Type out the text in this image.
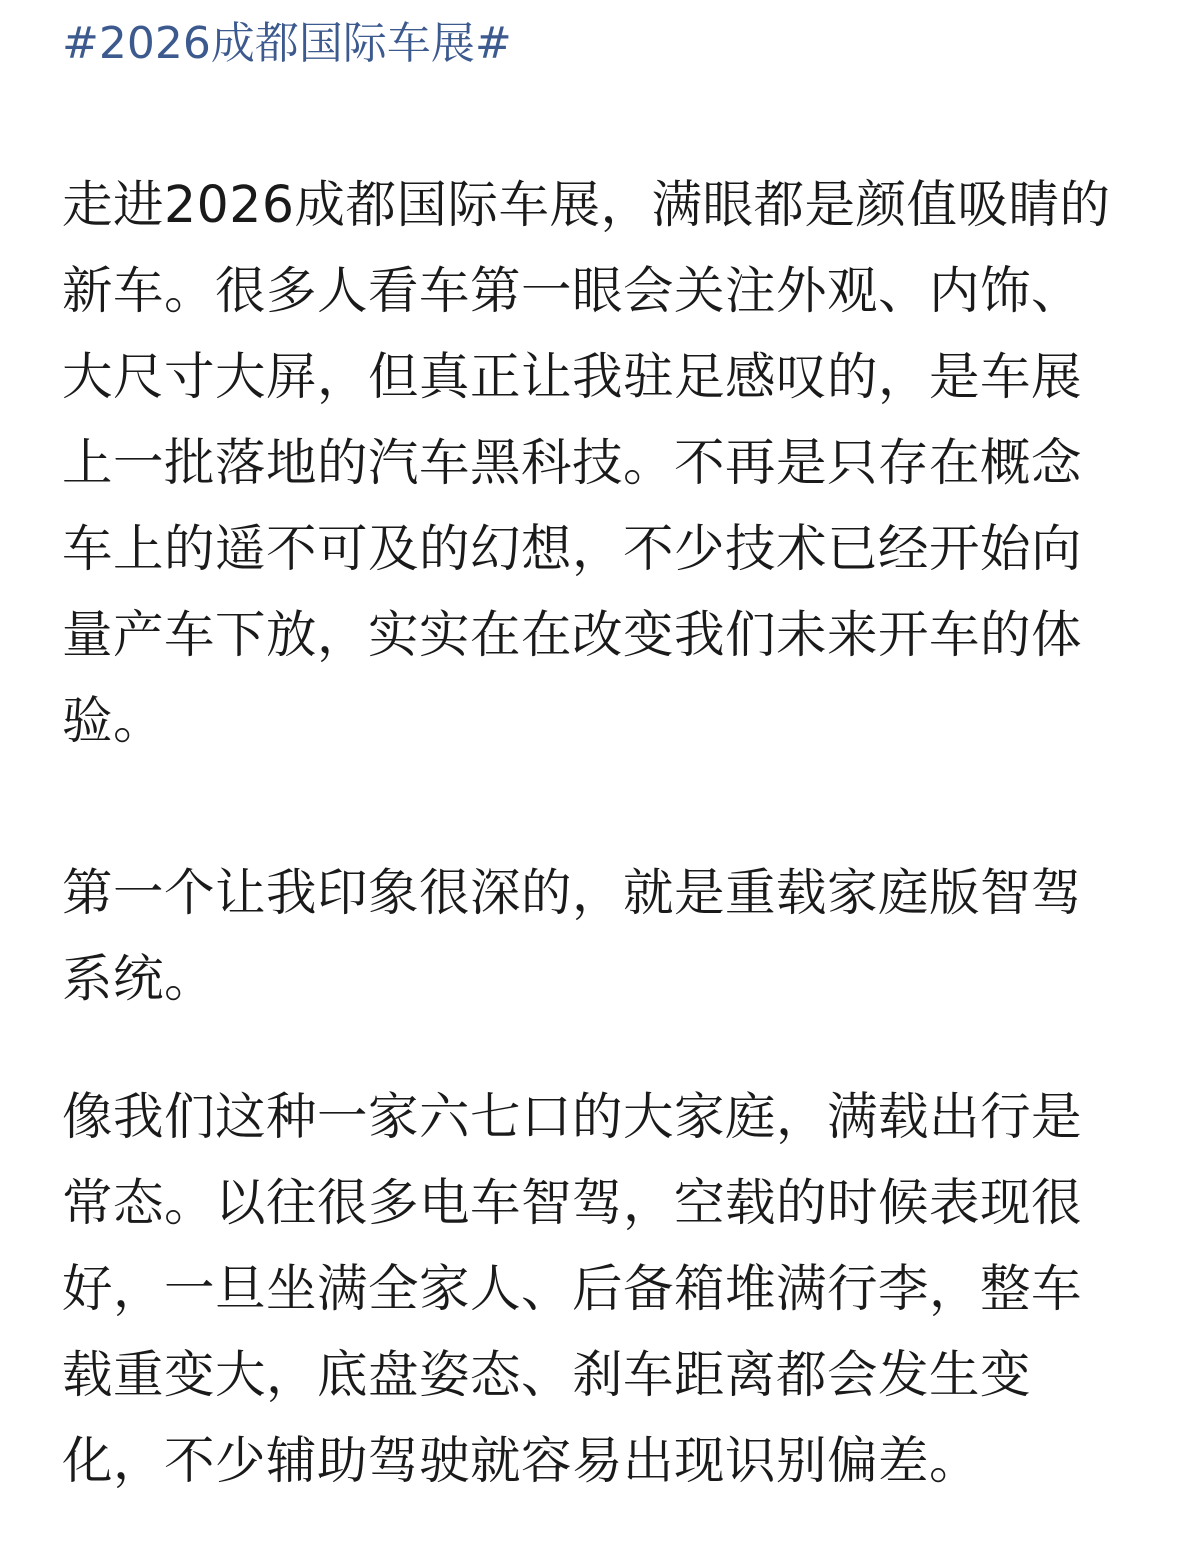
#2026成都国际车展#

走进2026成都国际车展，满眼都是颜值吸睛的新车。很多人看车第一眼会关注外观、内饰、大尺寸大屏，但真正让我驻足感叹的，是车展上一批落地的汽车黑科技。不再是只存在概念车上的遥不可及的幻想，不少技术已经开始向量产车下放，实实在在改变我们未来开车的体验。

第一个让我印象很深的，就是重载家庭版智驾系统。

像我们这种一家六七口的大家庭，满载出行是常态。以往很多电车智驾，空载的时候表现很好，一旦坐满全家人、后备箱堆满行李，整车载重变大，底盘姿态、刹车距离都会发生变化，不少辅助驾驶就容易出现识别偏差。
